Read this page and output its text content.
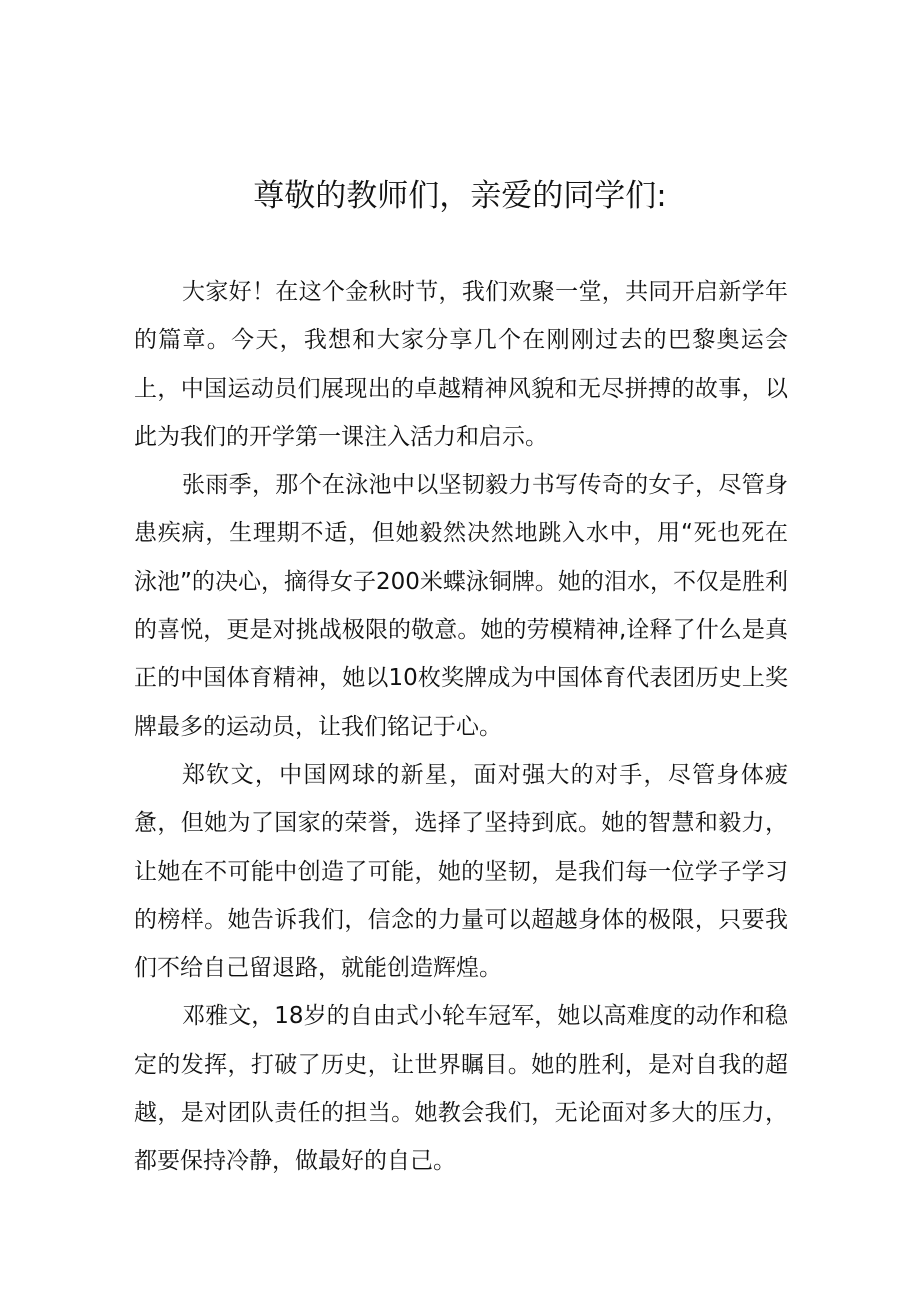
尊敬的教师们，亲爱的同学们:

大家好！在这个金秋时节，我们欢聚一堂，共同开启新学年的篇章。今天，我想和大家分享几个在刚刚过去的巴黎奥运会上，中国运动员们展现出的卓越精神风貌和无尽拼搏的故事，以此为我们的开学第一课注入活力和启示。

张雨季，那个在泳池中以坚韧毅力书写传奇的女子，尽管身患疾病，生理期不适，但她毅然决然地跳入水中，用“死也死在泳池”的决心，摘得女子200米蝶泳铜牌。她的泪水，不仅是胜利的喜悦，更是对挑战极限的敬意。她的劳模精神,诠释了什么是真正的中国体育精神，她以10枚奖牌成为中国体育代表团历史上奖牌最多的运动员，让我们铭记于心。

郑钦文，中国网球的新星，面对强大的对手，尽管身体疲惫，但她为了国家的荣誉，选择了坚持到底。她的智慧和毅力，让她在不可能中创造了可能，她的坚韧，是我们每一位学子学习的榜样。她告诉我们，信念的力量可以超越身体的极限，只要我们不给自己留退路，就能创造辉煌。

邓雅文，18岁的自由式小轮车冠军，她以高难度的动作和稳定的发挥，打破了历史，让世界瞩目。她的胜利，是对自我的超越，是对团队责任的担当。她教会我们，无论面对多大的压力，都要保持冷静，做最好的自己。
